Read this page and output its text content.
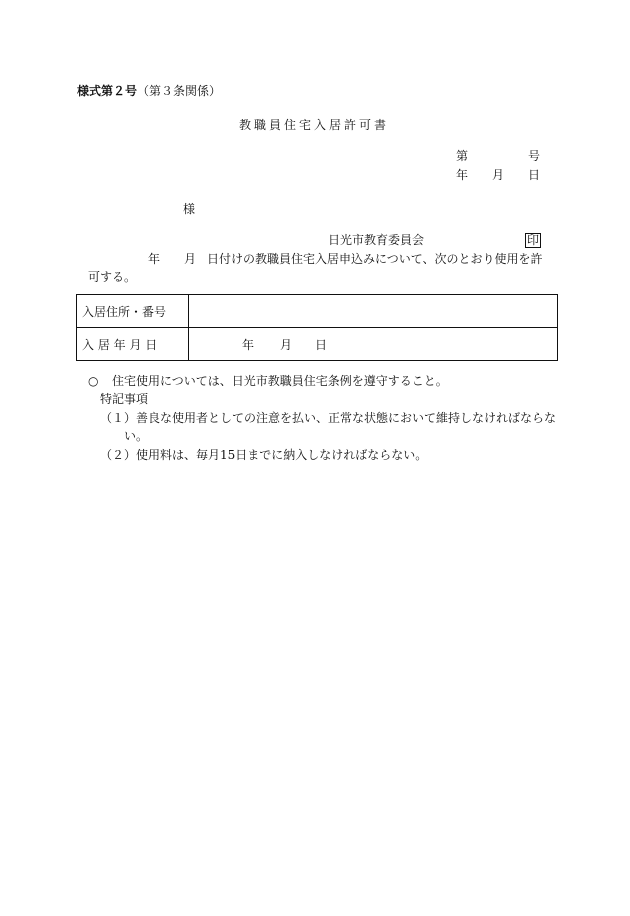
様式第２号（第３条関係）
教職員住宅入居許可書
第	号
年 月 日
様
日光市教育委員会	印
年 月 日付けの教職員住宅入居申込みについて、次のとおり使用を許
可する。
入居住所・番号	
入 居 年 月 日	年 月 日
○ 住宅使用については、日光市教職員住宅条例を遵守すること。
特記事項
（１） 善良な使用者としての注意を払い、正常な状態において維持しなければならな
い。
（２） 使用料は、毎月15日までに納入しなければならない。
